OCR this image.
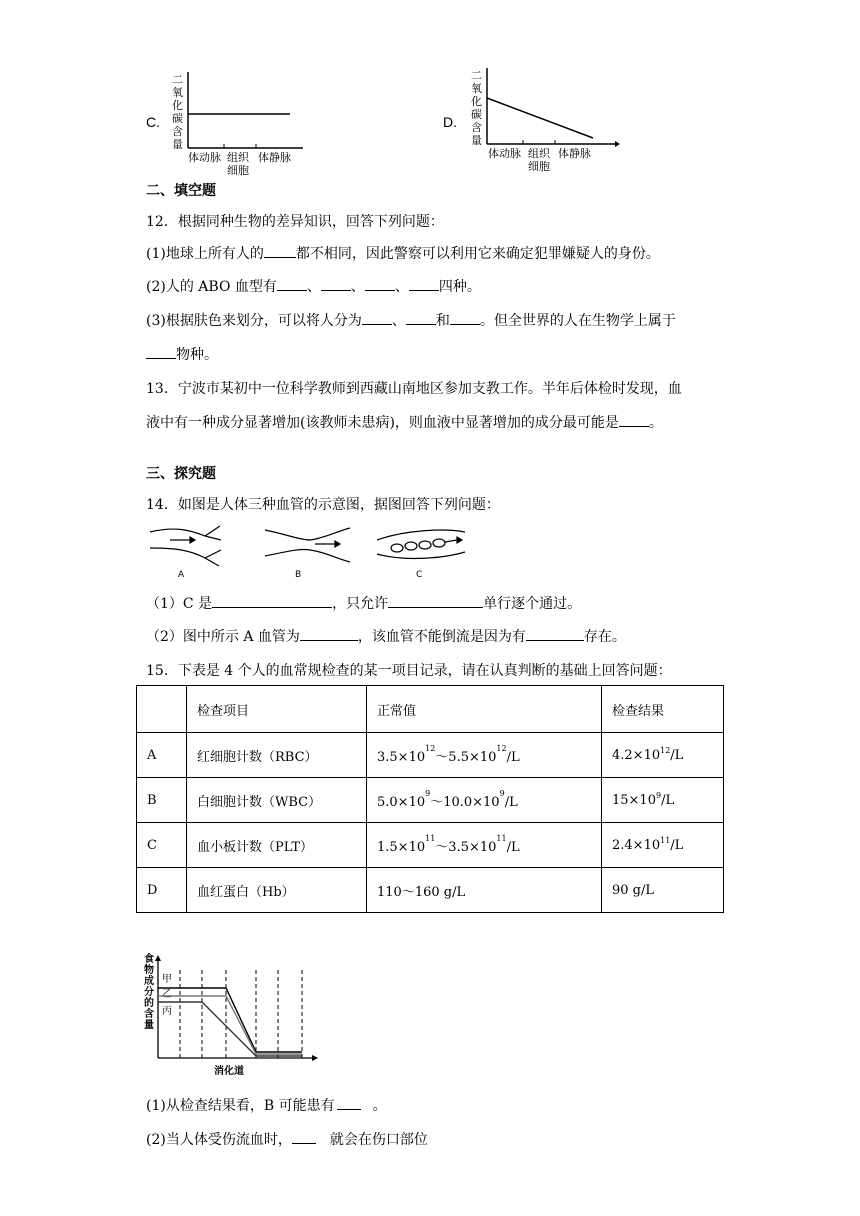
C.
二
氧
化
碳
含
量
体动脉 组织
细胞
体静脉
D.
二
氧
化
碳
含
量
体动脉 组织
细胞
体静脉
二、填空题
12．根据同种生物的差异知识，回答下列问题：
(1)地球上所有人的 都不相同，因此警察可以利用它来确定犯罪嫌疑人的身份。
(2)人的 ABO 血型有 、 、 、 四种。
(3)根据肤色来划分，可以将人分为 、 和 。但全世界的人在生物学上属于
物种。
13．宁波市某初中一位科学教师到西藏山南地区参加支教工作。半年后体检时发现，血
液中有一种成分显著增加(该教师未患病)，则血液中显著增加的成分最可能是 。
三、探究题
14．如图是人体三种血管的示意图，据图回答下列问题：
A	B	C
（1）C 是	，只允许	单行逐个通过。
（2）图中所示 A 血管为	，该血管不能倒流是因为有	存在。
15．下表是 4 个人的血常规检查的某一项目记录，请在认真判断的基础上回答问题：
	检查项目	正常值	检查结果
A	红细胞计数（RBC）	$3.5\times 10^{12}\sim 5.5\times 10^{12}/L$	$4.2\times 10^{12}/L$
B	白细胞计数（WBC）	$5.0\times 10^9\sim 10.0\times 10^9/L$	$15\times 10^9/L$
C	血小板计数（PLT）	$1.5\times 10^{11}\sim 3.5\times 10^{11}/L$	$2.4\times 10^{11}/L$
D	血红蛋白（Hb）	110～160 g/L	90 g/L
食
物
成
分
的
含
量
甲
乙
丙
消化道
(1)从检查结果看，B 可能患有	。
(2)当人体受伤流血时，	就会在伤口部位
